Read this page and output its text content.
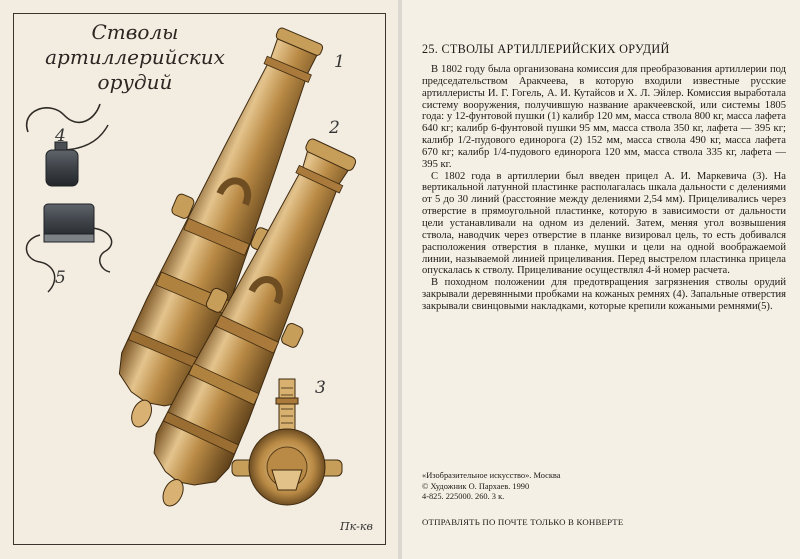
Стволы артиллерийских орудий
1
2
3
4
5
Пк-кв
25. СТВОЛЫ АРТИЛЛЕРИЙСКИХ ОРУДИЙ

В 1802 году была организована комиссия для преобразования артиллерии под председательством Аракчеева, в которую входили известные русские артиллеристы И. Г. Гогель, А. И. Кутайсов и Х. Л. Эйлер. Комиссия выработала систему вооружения, получившую название аракчеевской, или системы 1805 года: у 12-фунтовой пушки (1) калибр 120 мм, масса ствола 800 кг, масса лафета 640 кг; калибр 6-фунтовой пушки 95 мм, масса ствола 350 кг, лафета — 395 кг; калибр 1/2-пудового единорога (2) 152 мм, масса ствола 490 кг, масса лафета 670 кг; калибр 1/4-пудового единорога 120 мм, масса ствола 335 кг, лафета — 395 кг.

С 1802 года в артиллерии был введен прицел А. И. Маркевича (3). На вертикальной латунной пластинке располагалась шкала дальности с делениями от 5 до 30 линий (расстояние между делениями 2,54 мм). Прицеливались через отверстие в прямоугольной пластинке, которую в зависимости от дальности цели устанавливали на одном из делений. Затем, меняя угол возвышения ствола, наводчик через отверстие в планке визировал цель, то есть добивался расположения отверстия в планке, мушки и цели на одной воображаемой линии, называемой линией прицеливания. Перед выстрелом пластинка прицела опускалась к стволу. Прицеливание осуществлял 4-й номер расчета.

В походном положении для предотвращения загрязнения стволы орудий закрывали деревянными пробками на кожаных ремнях (4). Запальные отверстия закрывали свинцовыми накладками, которые крепили кожаными ремнями(5).

«Изобразительное искусство». Москва
© Художник О. Пархаев. 1990
4-825. 225000. 260. 3 к.
ОТПРАВЛЯТЬ ПО ПОЧТЕ ТОЛЬКО В КОНВЕРТЕ
